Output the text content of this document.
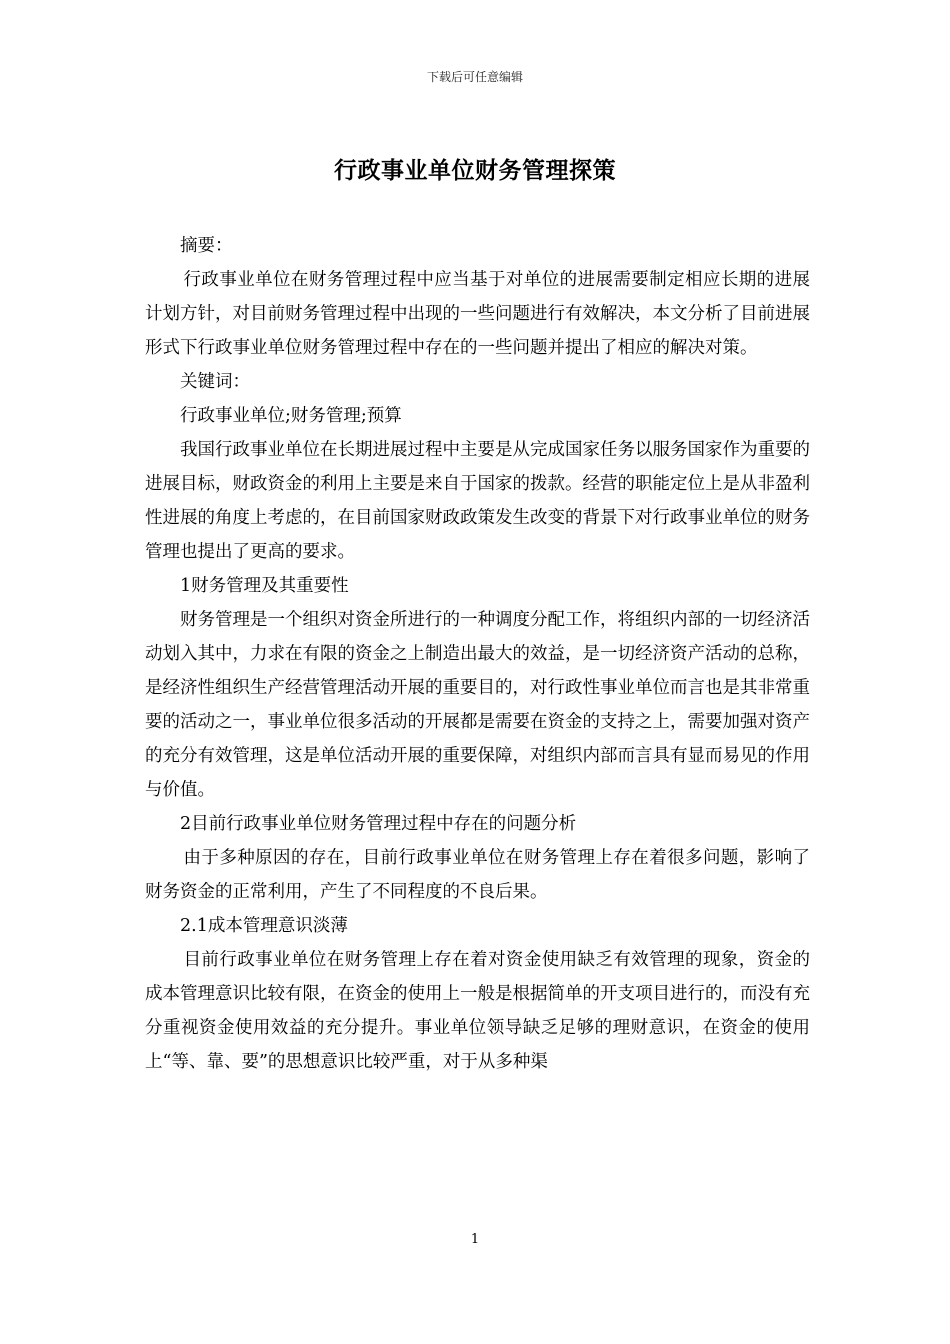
下载后可任意编辑
行政事业单位财务管理探策

摘要：

行政事业单位在财务管理过程中应当基于对单位的进展需要制定相应长期的进展计划方针，对目前财务管理过程中出现的一些问题进行有效解决，本文分析了目前进展形式下行政事业单位财务管理过程中存在的一些问题并提出了相应的解决对策。

关键词：

行政事业单位;财务管理;预算

我国行政事业单位在长期进展过程中主要是从完成国家任务以服务国家作为重要的进展目标，财政资金的利用上主要是来自于国家的拨款。经营的职能定位上是从非盈利性进展的角度上考虑的，在目前国家财政政策发生改变的背景下对行政事业单位的财务管理也提出了更高的要求。

1财务管理及其重要性

财务管理是一个组织对资金所进行的一种调度分配工作，将组织内部的一切经济活动划入其中，力求在有限的资金之上制造出最大的效益，是一切经济资产活动的总称，是经济性组织生产经营管理活动开展的重要目的，对行政性事业单位而言也是其非常重要的活动之一，事业单位很多活动的开展都是需要在资金的支持之上，需要加强对资产的充分有效管理，这是单位活动开展的重要保障，对组织内部而言具有显而易见的作用与价值。

2目前行政事业单位财务管理过程中存在的问题分析

由于多种原因的存在，目前行政事业单位在财务管理上存在着很多问题，影响了财务资金的正常利用，产生了不同程度的不良后果。

2.1成本管理意识淡薄

目前行政事业单位在财务管理上存在着对资金使用缺乏有效管理的现象，资金的成本管理意识比较有限，在资金的使用上一般是根据简单的开支项目进行的，而没有充分重视资金使用效益的充分提升。事业单位领导缺乏足够的理财意识，在资金的使用上“等、靠、要”的思想意识比较严重，对于从多种渠

1
